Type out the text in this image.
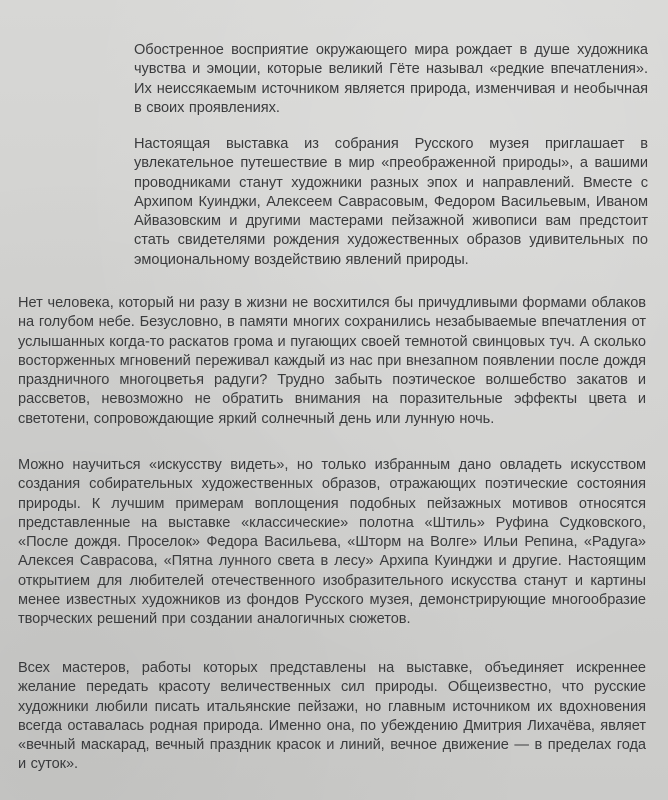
Обостренное восприятие окружающего мира рождает в душе художника чувства и эмоции, которые великий Гёте называл «редкие впечатления». Их неиссякаемым источником является природа, изменчивая и необычная в своих проявлениях.

Настоящая выставка из собрания Русского музея приглашает в увлекательное путешествие в мир «преображенной природы», а вашими проводниками станут художники разных эпох и направлений. Вместе с Архипом Куинджи, Алексеем Саврасовым, Федором Васильевым, Иваном Айвазовским и другими мастерами пейзажной живописи вам предстоит стать свидетелями рождения художественных образов удивительных по эмоциональному воздействию явлений природы.

Нет человека, который ни разу в жизни не восхитился бы причудливыми формами облаков на голубом небе. Безусловно, в памяти многих сохранились незабываемые впечатления от услышанных когда-то раскатов грома и пугающих своей темнотой свинцовых туч. А сколько восторженных мгновений переживал каждый из нас при внезапном появлении после дождя праздничного многоцветья радуги? Трудно забыть поэтическое волшебство закатов и рассветов, невозможно не обратить внимания на поразительные эффекты цвета и светотени, сопровождающие яркий солнечный день или лунную ночь.

Можно научиться «искусству видеть», но только избранным дано овладеть искусством создания собирательных художественных образов, отражающих поэтические состояния природы. К лучшим примерам воплощения подобных пейзажных мотивов относятся представленные на выставке «классические» полотна «Штиль» Руфина Судковского, «После дождя. Проселок» Федора Васильева, «Шторм на Волге» Ильи Репина, «Радуга» Алексея Саврасова, «Пятна лунного света в лесу» Архипа Куинджи и другие. Настоящим открытием для любителей отечественного изобразительного искусства станут и картины менее известных художников из фондов Русского музея, демонстрирующие многообразие творческих решений при создании аналогичных сюжетов.

Всех мастеров, работы которых представлены на выставке, объединяет искреннее желание передать красоту величественных сил природы. Общеизвестно, что русские художники любили писать итальянские пейзажи, но главным источником их вдохновения всегда оставалась родная природа. Именно она, по убеждению Дмитрия Лихачёва, являет «вечный маскарад, вечный праздник красок и линий, вечное движение — в пределах года и суток».
